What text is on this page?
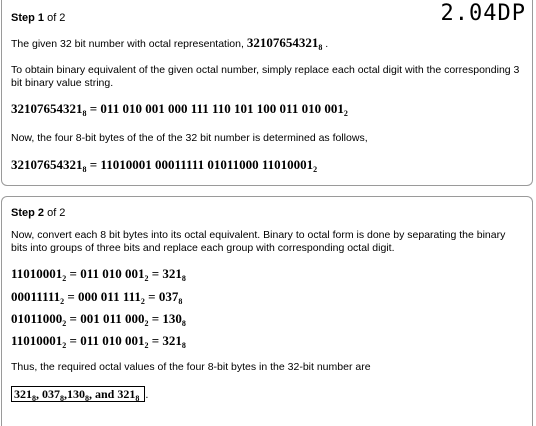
Step 1 of 2	2.04DP
The given 32 bit number with octal representation, $32107654321_8$ .
To obtain binary equivalent of the given octal number, simply replace each octal digit with the corresponding 3 bit binary value string.
$32107654321_8 = 011$ 010 001 000 111 110 101 100 011 010 $001_2$
Now, the four 8-bit bytes of the of the 32 bit number is determined as follows,
$32107654321_8 = 11010001$ 00011111 01011000 $11010001_2$
Step 2 of 2
Now, convert each 8 bit bytes into its octal equivalent. Binary to octal form is done by separating the binary bits into groups of three bits and replace each group with corresponding octal digit.
$11010001_2 = 011$ 010 $001_2 = 321_8$
$00011111_2 = 000$ 011 $111_2 = 037_8$
$01011000_2 = 001$ 011 $000_2 = 130_8$
$11010001_2 = 011$ 010 $001_2 = 321_8$
Thus, the required octal values of the four 8-bit bytes in the 32-bit number are
$321_8$, $037_8,130_8$, and $321_8$ .
